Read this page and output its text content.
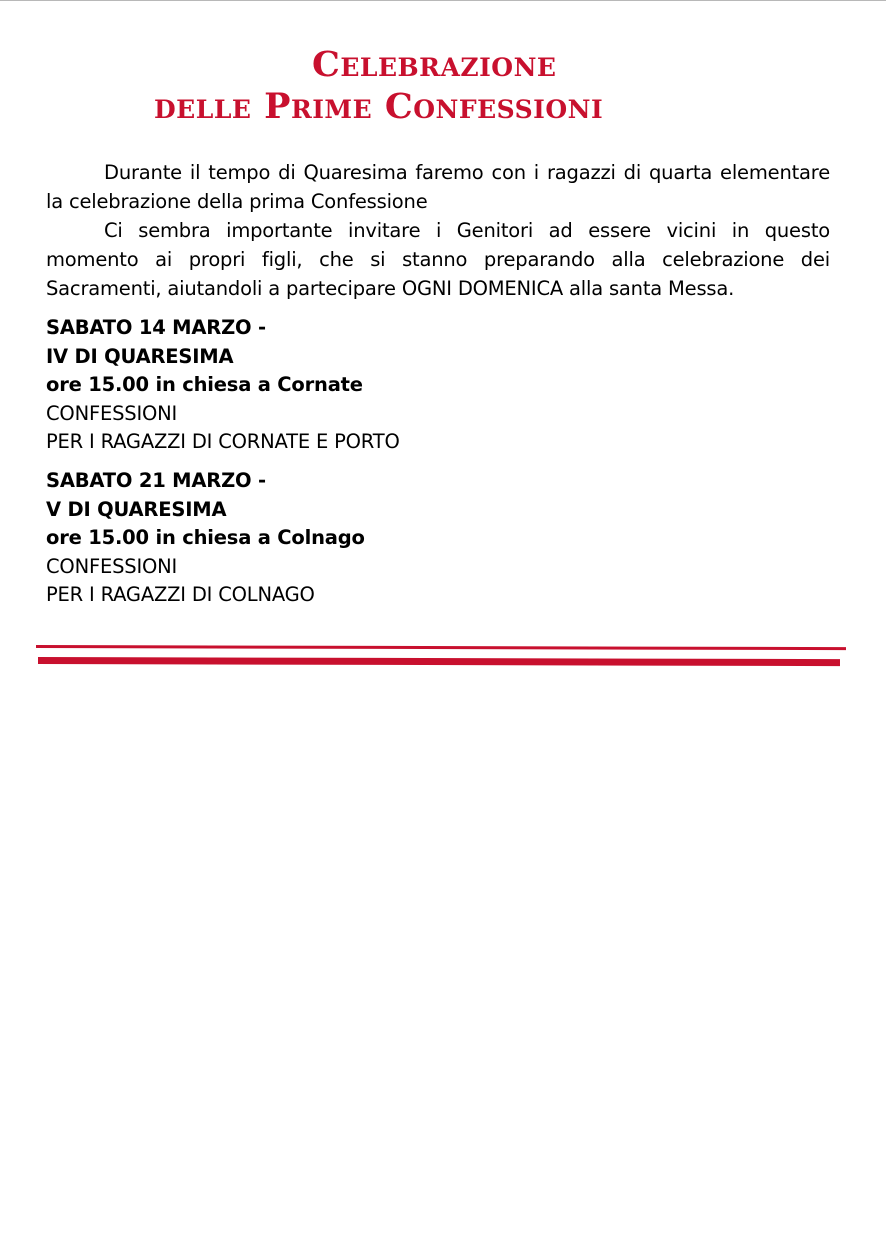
Celebrazione
delle Prime Confessioni

Durante il tempo di Quaresima faremo con i ragazzi di quarta elementare la celebrazione della prima Confessione

Ci sembra importante invitare i Genitori ad essere vicini in questo momento ai propri figli, che si stanno preparando alla celebrazione dei Sacramenti, aiutandoli a partecipare OGNI DOMENICA alla santa Messa.

SABATO 14 MARZO -
IV DI QUARESIMA
ore 15.00 in chiesa a Cornate
CONFESSIONI
PER I RAGAZZI DI CORNATE E PORTO
SABATO 21 MARZO -
V DI QUARESIMA
ore 15.00 in chiesa a Colnago
CONFESSIONI
PER I RAGAZZI DI COLNAGO
